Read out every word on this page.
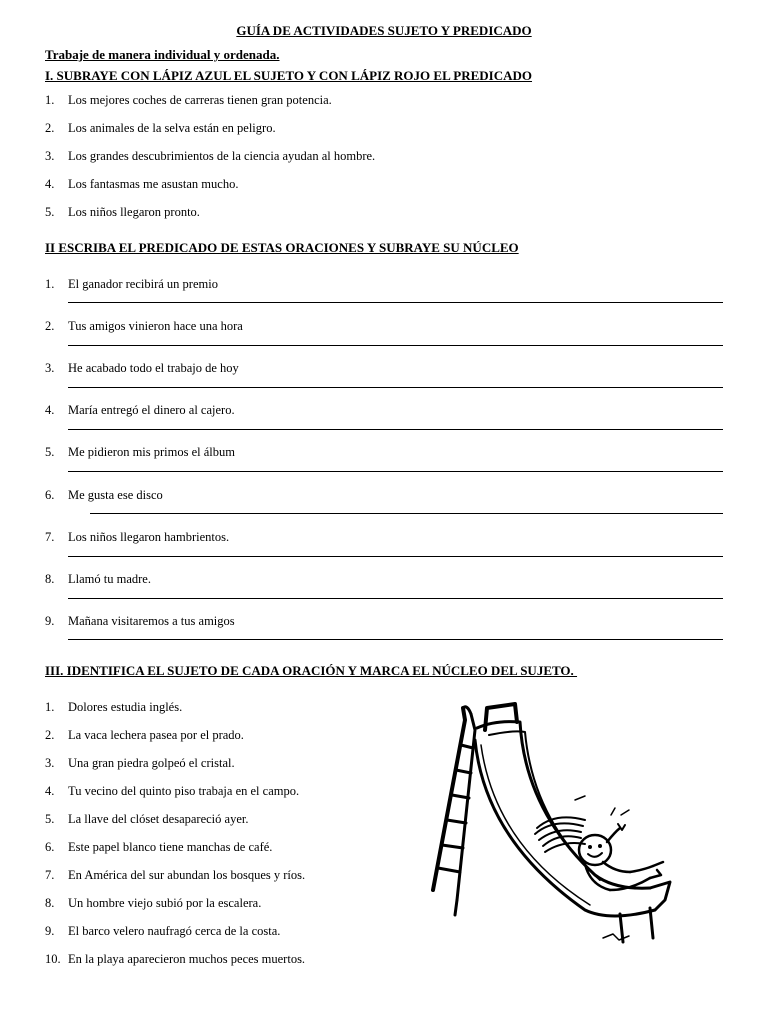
GUÍA DE ACTIVIDADES SUJETO Y PREDICADO
Trabaje de manera individual y ordenada.
I. SUBRAYE CON LÁPIZ AZUL EL SUJETO Y CON LÁPIZ ROJO EL PREDICADO
1. Los mejores coches de carreras tienen gran potencia.
2. Los animales de la selva están en peligro.
3. Los grandes descubrimientos de la ciencia ayudan al hombre.
4. Los fantasmas me asustan mucho.
5. Los niños llegaron pronto.
II ESCRIBA EL PREDICADO DE ESTAS ORACIONES Y SUBRAYE SU NÚCLEO
1. El ganador recibirá un premio
2. Tus amigos vinieron hace una hora
3. He acabado todo el trabajo de hoy
4. María entregó el dinero al cajero.
5. Me pidieron mis primos el álbum
6. Me gusta ese disco
7. Los niños llegaron hambrientos.
8. Llamó tu madre.
9. Mañana visitaremos a tus amigos
III. IDENTIFICA EL SUJETO DE CADA ORACIÓN Y MARCA EL NÚCLEO DEL SUJETO.
1. Dolores estudia inglés.
2. La vaca lechera pasea por el prado.
3. Una gran piedra golpeó el cristal.
4. Tu vecino del quinto piso trabaja en el campo.
5. La llave del clóset desapareció ayer.
6. Este papel blanco tiene manchas de café.
7. En América del sur abundan los bosques y ríos.
8. Un hombre viejo subió por la escalera.
9. El barco velero naufragó cerca de la costa.
10. En la playa aparecieron muchos peces muertos.
